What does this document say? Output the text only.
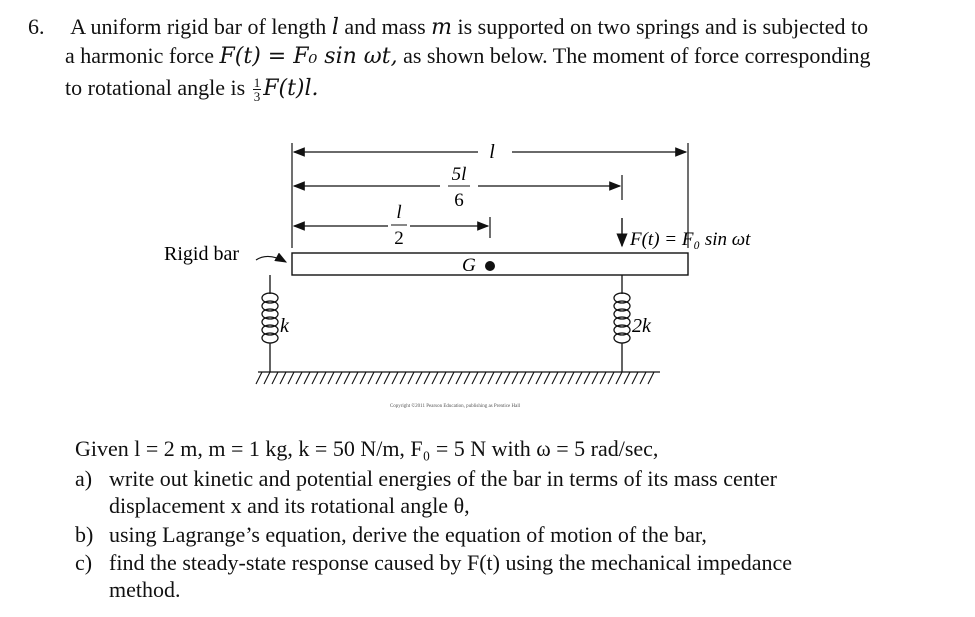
6. A uniform rigid bar of length l and mass m is supported on two springs and is subjected to
a harmonic force F(t) = F₀ sin ωt, as shown below. The moment of force corresponding
to rotational angle is $\frac{1}{3} F(t)l$.
l
5l
6
l
2	F(t) = F₀ sin ωt
G
Rigid bar
k	2k
Copyright ©2011 Pearson Education, publishing as Prentice Hall
Given l = 2 m, m = 1 kg, k = 50 N/m, F₀ = 5 N with ω = 5 rad/sec,
a) write out kinetic and potential energies of the bar in terms of its mass center
displacement x and its rotational angle θ,
b) using Lagrange’s equation, derive the equation of motion of the bar,
c) find the steady-state response caused by F(t) using the mechanical impedance
method.
